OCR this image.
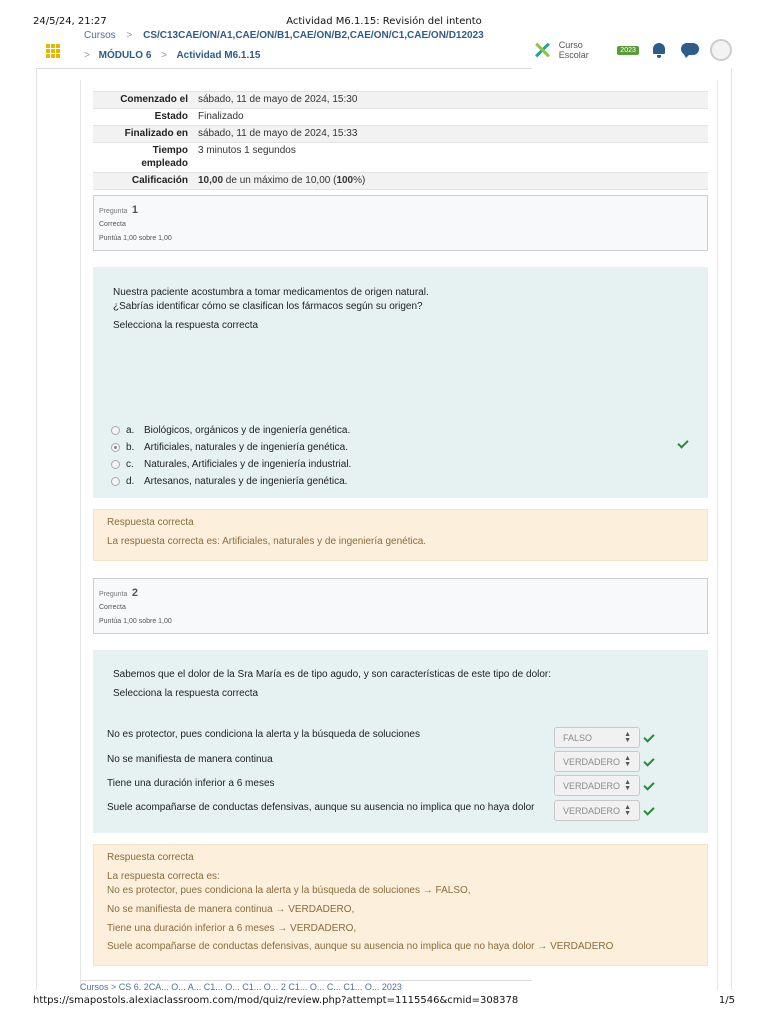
24/5/24, 21:27	Actividad M6.1.15: Revisión del intento
Cursos > CS/C13CAE/ON/A1,CAE/ON/B1,CAE/ON/B2,CAE/ON/C1,CAE/ON/D12023
> MÓDULO 6 > Actividad M6.1.15
Curso Escolar	2023
Comenzado el	sábado, 11 de mayo de 2024, 15:30
Estado	Finalizado
Finalizado en	sábado, 11 de mayo de 2024, 15:33
Tiempo
empleado	3 minutos 1 segundos
Calificación	10,00 de un máximo de 10,00 (100%)
Pregunta 1
Correcta
Puntúa 1,00 sobre 1,00
Nuestra paciente acostumbra a tomar medicamentos de origen natural.
¿Sabrías identificar cómo se clasifican los fármacos según su origen?
Selecciona la respuesta correcta
a. Biológicos, orgánicos y de ingeniería genética.
b. Artificiales, naturales y de ingeniería genética.
c.	Naturales, Artificiales y de ingeniería industrial.
d. Artesanos, naturales y de ingeniería genética.
Respuesta correcta
La respuesta correcta es: Artificiales, naturales y de ingeniería genética.
Pregunta 2
Correcta
Puntúa 1,00 sobre 1,00
Sabemos que el dolor de la Sra María es de tipo agudo, y son características de este tipo de dolor:
Selecciona la respuesta correcta
No es protector, pues condiciona la alerta y la búsqueda de soluciones	FALSO	▲
▼
No se manifiesta de manera continua	VERDADERO ▲
▼
Tiene una duración inferior a 6 meses	VERDADERO ▲
▼
Suele acompañarse de conductas defensivas, aunque su ausencia no implica que no haya dolor	VERDADERO ▲
▼
Respuesta correcta
La respuesta correcta es:
No es protector, pues condiciona la alerta y la búsqueda de soluciones → FALSO,
No se manifiesta de manera continua → VERDADERO,
Tiene una duración inferior a 6 meses → VERDADERO,
Suele acompañarse de conductas defensivas, aunque su ausencia no implica que no haya dolor → VERDADERO
Cursos > CS 6. 2CA... O... A... C1... O... C1... O... 2 C1... O... C... C1... O... 2023
https://smapostols.alexiaclassroom.com/mod/quiz/review.php?attempt=1115546&cmid=308378	1/5
